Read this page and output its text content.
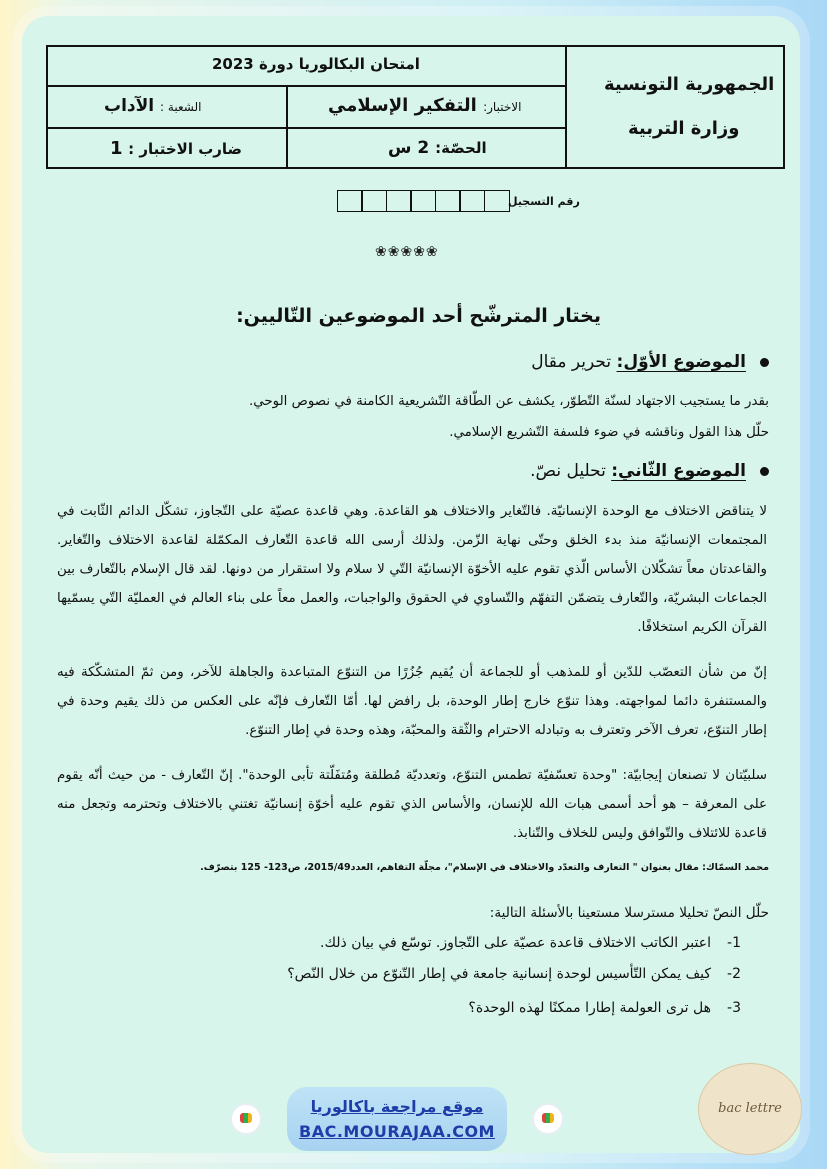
الجمهورية التونسية
وزارة التربية
امتحان البكالوريا دورة 2023
الاختبار: التفكير الإسلامي
الشعبة : الآداب
الحصّة: 2 س
ضارب الاختبار : 1
رقم التسجيل
❀❀❀❀❀
يختار المترشّح أحد الموضوعين التّاليين:
الموضوع الأوّل: تحرير مقال
بقدر ما يستجيب الاجتهاد لسنّة التّطوّر، يكشف عن الطّاقة التّشريعية الكامنة في نصوص الوحي.
حلّل هذا القول وناقشه في ضوء فلسفة التّشريع الإسلامي.
الموضوع الثّاني: تحليل نصّ.
لا يتناقض الاختلاف مع الوحدة الإنسانيّة. فالتّغاير والاختلاف هو القاعدة. وهي قاعدة عصيّة على التّجاوز، تشكّل الدائم الثّابت في المجتمعات الإنسانيّة منذ بدء الخلق وحتّى نهاية الزّمن. ولذلك أرسى الله قاعدة التّعارف المكمّلة لقاعدة الاختلاف والتّغاير. والقاعدتان معاً تشكّلان الأساس الّذي تقوم عليه الأخوّة الإنسانيّة التّي لا سلام ولا استقرار من دونها. لقد قال الإسلام بالتّعارف بين الجماعات البشريّة، والتّعارف يتضمّن التفهّم والتّساوي في الحقوق والواجبات، والعمل معاً على بناء العالم في العمليّة التّي يسمّيها القرآن الكريم استخلافًا.
إنّ من شأن التعصّب للدّين أو للمذهب أو للجماعة أن يُقيم جُزُرًا من التنوّع المتباعدة والجاهلة للآخر، ومن ثمّ المتشكّكة فيه والمستنفرة دائما لمواجهته. وهذا تنوّع خارج إطار الوحدة، بل رافض لها. أمّا التّعارف فإنّه على العكس من ذلك يقيم وحدة في إطار التنوّع، تعرف الآخر وتعترف به وتبادله الاحترام والثّقة والمحبّة، وهذه وحدة في إطار التنوّع.
سلبيّتان لا تصنعان إيجابيّة: "وحدة تعسّفيّة تطمس التنوّع، وتعدديّة مُطلقة ومُتفَلّتة تأبى الوحدة". إنّ التّعارف - من حيث أنّه يقوم على المعرفة – هو أحد أسمى هبات الله للإنسان، والأساس الذي تقوم عليه أخوّة إنسانيّة تغتني بالاختلاف وتحترمه وتجعل منه قاعدة للائتلاف والتّوافق وليس للخلاف والتّنابذ.
محمد السمّاك: مقال بعنوان " التعارف والتعدّد والاختلاف في الإسلام"، مجلّة التفاهم، العدد2015/49، ص123- 125 بتصرّف.
حلّل النصّ تحليلا مسترسلا مستعينا بالأسئلة التالية:
1-اعتبر الكاتب الاختلاف قاعدة عصيّة على التّجاوز. توسّع في بيان ذلك.
2-كيف يمكن التّأسيس لوحدة إنسانية جامعة في إطار التّنوّع من خلال النّص؟
3-هل ترى العولمة إطارا ممكنًا لهذه الوحدة؟
موقع مراجعة باكالوريا
BAC.MOURAJAA.COM
bac lettre
